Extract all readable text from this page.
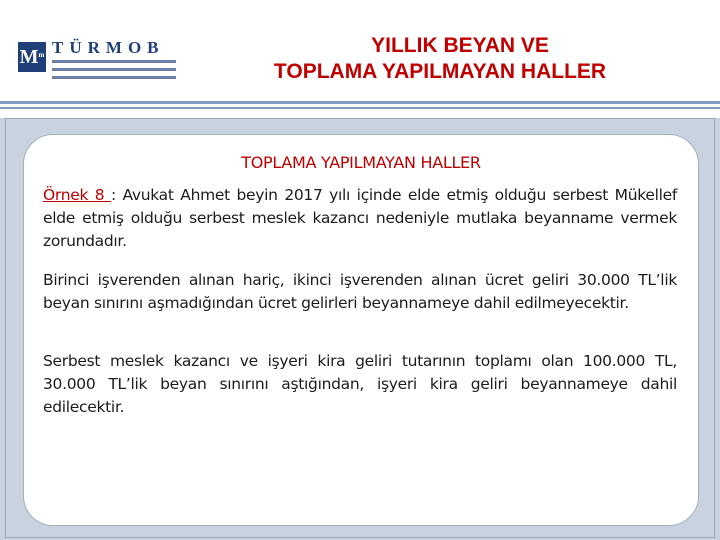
$M^m$ TÜRMOB	YILLIK BEYAN VE
TOPLAMA YAPILMAYAN HALLER
TOPLAMA YAPILMAYAN HALLER
Örnek 8 : Avukat Ahmet beyin 2017 yılı içinde elde etmiş olduğu serbest Mükellef elde etmiş olduğu serbest meslek kazancı nedeniyle mutlaka beyanname vermek zorundadır.
Birinci işverenden alınan hariç, ikinci işverenden alınan ücret geliri 30.000 TL’lik beyan sınırını aşmadığından ücret gelirleri beyannameye dahil edilmeyecektir.
Serbest meslek kazancı ve işyeri kira geliri tutarının toplamı olan 100.000 TL, 30.000 TL’lik beyan sınırını aştığından, işyeri kira geliri beyannameye dahil edilecektir.
